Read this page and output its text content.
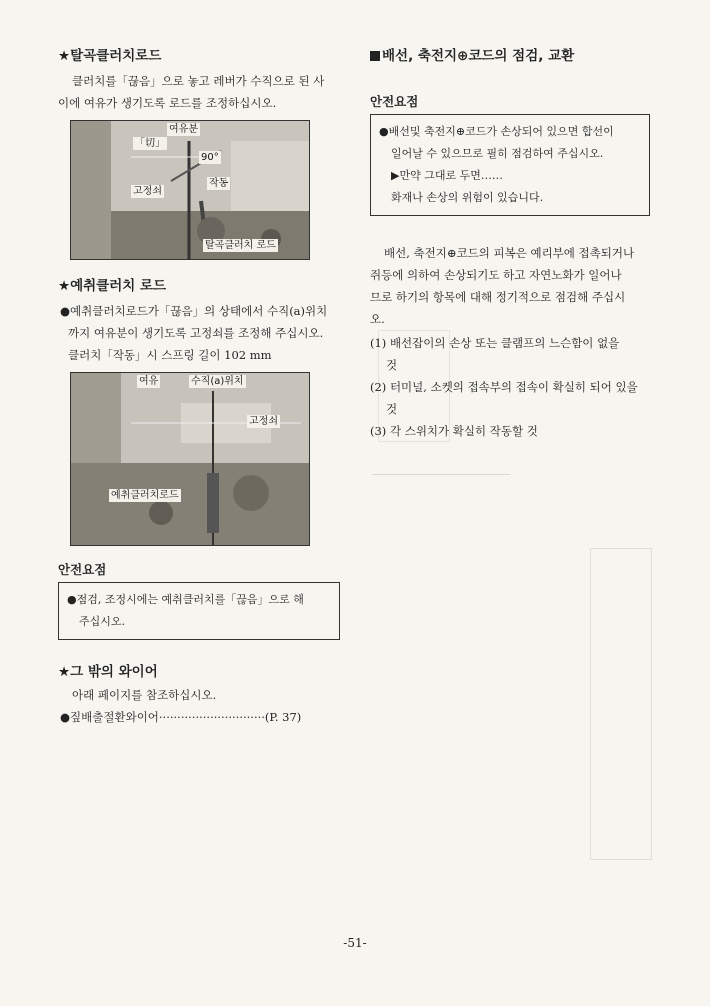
───────────────────────

★탈곡클러치로드

클러치를「끊음」으로 놓고 레버가 수직으로 된 사

이에 여유가 생기도록 로드를 조정하십시오.

여유분
「切」
90°
고정쇠
작동
탈곡클러치 로드

★예취클러치 로드

●예취클러치로드가「끊음」의 상태에서 수직(a)위치

까지 여유분이 생기도록 고정쇠를 조정해 주십시오.

클러치「작동」시 스프링 길이 102 mm

여유	수직(a)위치
고정쇠
예취클러치로드

안전요점

●점검, 조정시에는 예취클러치를「끊음」으로 해

주십시오.

★그 밖의 와이어

아래 페이지를 참조하십시오.

●짚배출절환와이어·····························(P. 37)

배선, 축전지⊕코드의 점검, 교환

안전요점

●배선및 축전지⊕코드가 손상되어 있으면 합선이

일어날 수 있으므로 필히 점검하여 주십시오.

▶만약 그대로 두면……

화재나 손상의 위험이 있습니다.

배선, 축전지⊕코드의 피복은 예리부에 접촉되거나

쥐등에 의하여 손상되기도 하고 자연노화가 일어나

므로 하기의 항목에 대해 정기적으로 점검해 주십시

오.

(1) 배선잡이의 손상 또는 클램프의 느슨함이 없을
것

(2) 터미널, 소켓의 접속부의 접속이 확실히 되어 있을
것

(3) 각 스위치가 확실히 작동할 것

-51-
